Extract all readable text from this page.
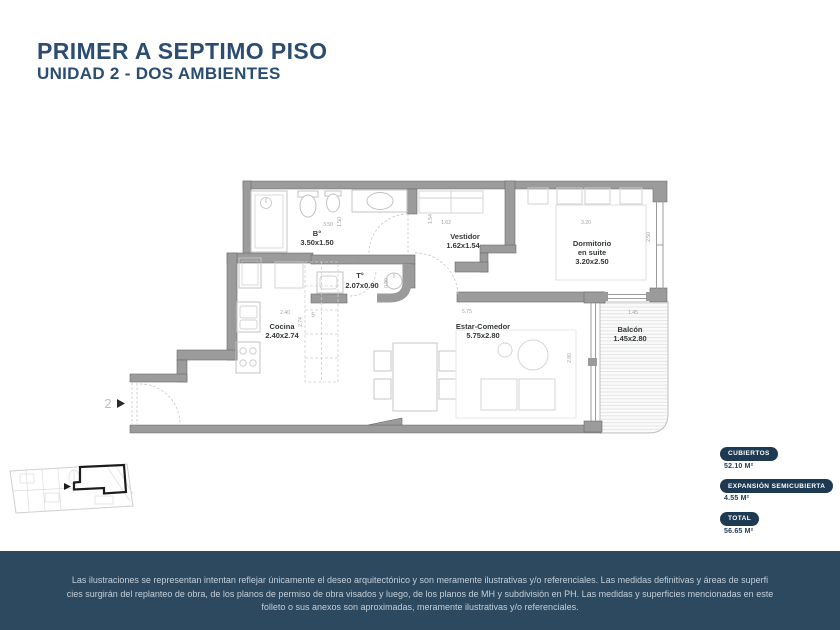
PRIMER A SEPTIMO PISO
UNIDAD 2 - DOS AMBIENTES
3.50 1.50	1.62
1.54	3.20
2.50
2.07
0.90
2.40
2.74
5
5.75
2.80
1.45
B°
3.50x1.50
Vestidor
1.62x1.54	Dormitorio
en suite
3.20x2.50
T°
2.07x0.90
Cocina
2.40x2.74
Estar-Comedor
5.75x2.80
Balcón
1.45x2.80
2
CUBIERTOS
52.10 M²
EXPANSIÓN SEMICUBIERTA
4.55 M²
TOTAL
56.65 M²
Las ilustraciones se representan intentan reflejar únicamente el deseo arquitectónico y son meramente ilustrativas y/o referenciales. Las medidas definitivas y áreas de superfi
cies surgirán del replanteo de obra, de los planos de permiso de obra visados y luego, de los planos de MH y subdivisión en PH. Las medidas y superficies mencionadas en este
folleto o sus anexos son aproximadas, meramente ilustrativas y/o referenciales.
